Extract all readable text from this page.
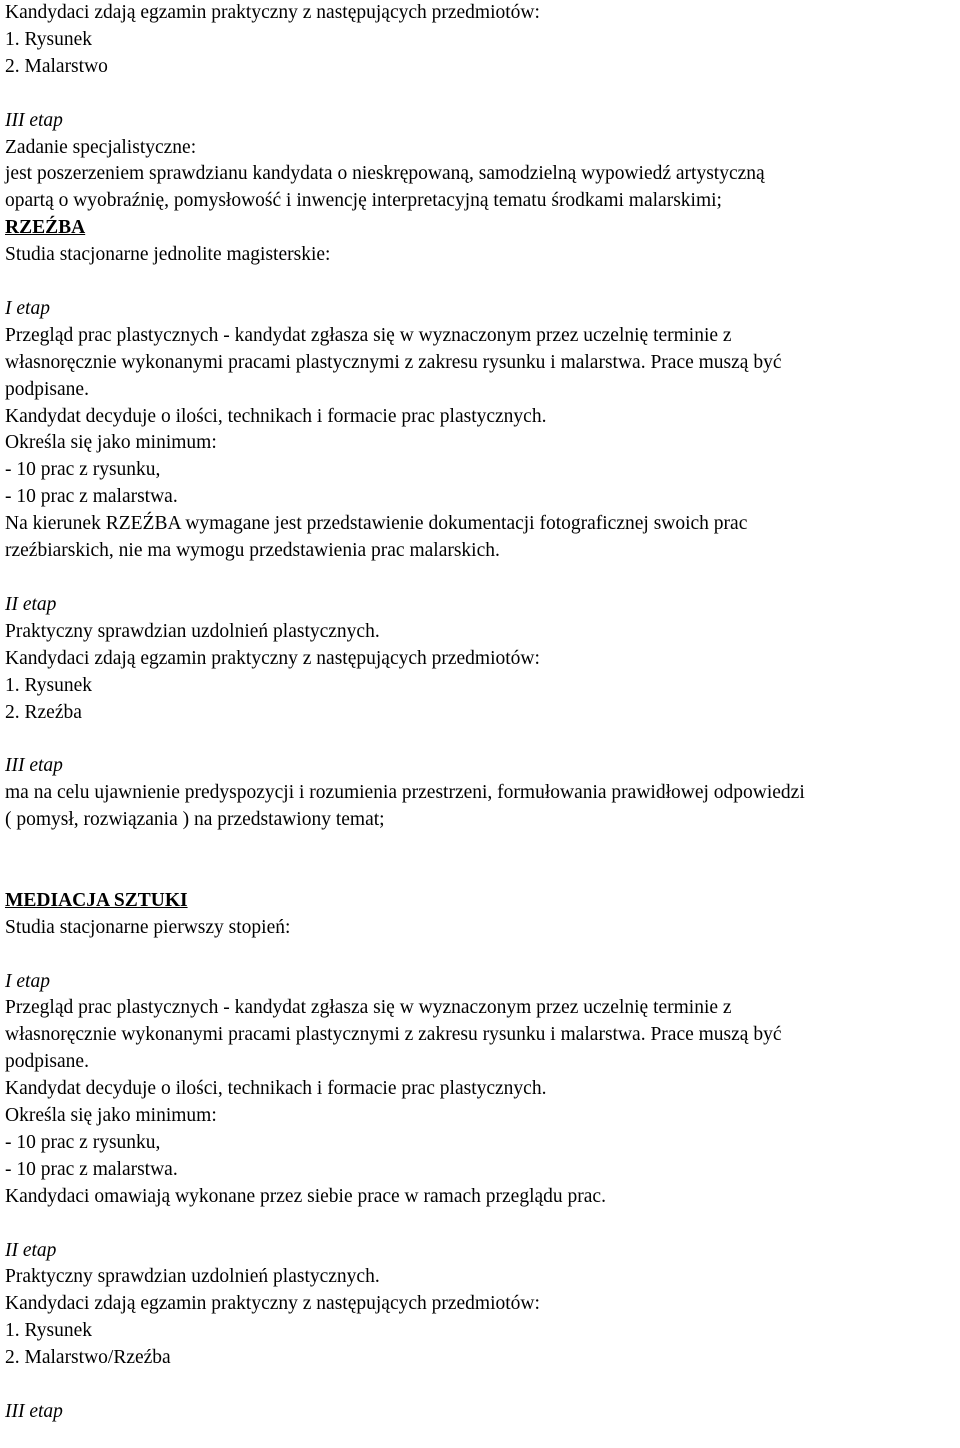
Kandydaci zdają egzamin praktyczny z następujących przedmiotów:
1. Rysunek
2. Malarstwo
III etap
Zadanie specjalistyczne:
jest poszerzeniem sprawdzianu kandydata o nieskrępowaną, samodzielną wypowiedź artystyczną
opartą o wyobraźnię, pomysłowość i inwencję interpretacyjną tematu środkami malarskimi;
RZEŹBA
Studia stacjonarne jednolite magisterskie:
I etap
Przegląd prac plastycznych - kandydat zgłasza się w wyznaczonym przez uczelnię terminie z
własnoręcznie wykonanymi pracami plastycznymi z zakresu rysunku i malarstwa. Prace muszą być
podpisane.
Kandydat decyduje o ilości, technikach i formacie prac plastycznych.
Określa się jako minimum:
- 10 prac z rysunku,
- 10 prac z malarstwa.
Na kierunek RZEŹBA wymagane jest przedstawienie dokumentacji fotograficznej swoich prac
rzeźbiarskich, nie ma wymogu przedstawienia prac malarskich.
II etap
Praktyczny sprawdzian uzdolnień plastycznych.
Kandydaci zdają egzamin praktyczny z następujących przedmiotów:
1. Rysunek
2. Rzeźba
III etap
ma na celu ujawnienie predyspozycji i rozumienia przestrzeni, formułowania prawidłowej odpowiedzi
( pomysł, rozwiązania ) na przedstawiony temat;
MEDIACJA SZTUKI
Studia stacjonarne pierwszy stopień:
I etap
Przegląd prac plastycznych - kandydat zgłasza się w wyznaczonym przez uczelnię terminie z
własnoręcznie wykonanymi pracami plastycznymi z zakresu rysunku i malarstwa. Prace muszą być
podpisane.
Kandydat decyduje o ilości, technikach i formacie prac plastycznych.
Określa się jako minimum:
- 10 prac z rysunku,
- 10 prac z malarstwa.
Kandydaci omawiają wykonane przez siebie prace w ramach przeglądu prac.
II etap
Praktyczny sprawdzian uzdolnień plastycznych.
Kandydaci zdają egzamin praktyczny z następujących przedmiotów:
1. Rysunek
2. Malarstwo/Rzeźba
III etap
